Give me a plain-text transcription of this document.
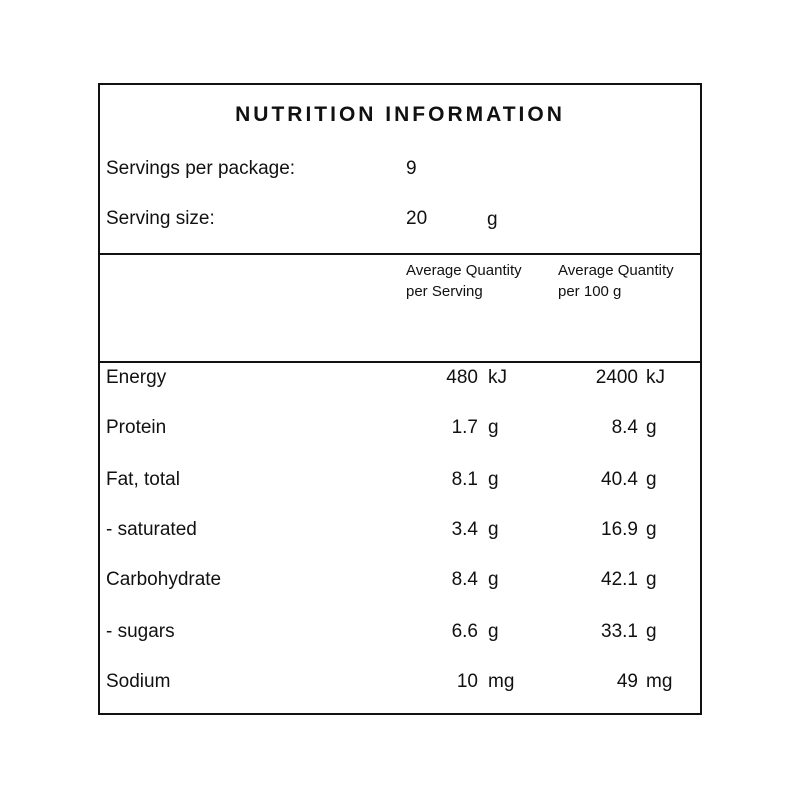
NUTRITION INFORMATION
Servings per package:	9
Serving size:	20	g
Average Quantity per Serving
Average Quantity per 100 g
Energy	480 kJ	2400 kJ
Protein	1.7 g	8.4 g
Fat, total	8.1 g	40.4 g
- saturated	3.4 g	16.9 g
Carbohydrate	8.4 g	42.1 g
- sugars	6.6 g	33.1 g
Sodium	10 mg	49 mg
